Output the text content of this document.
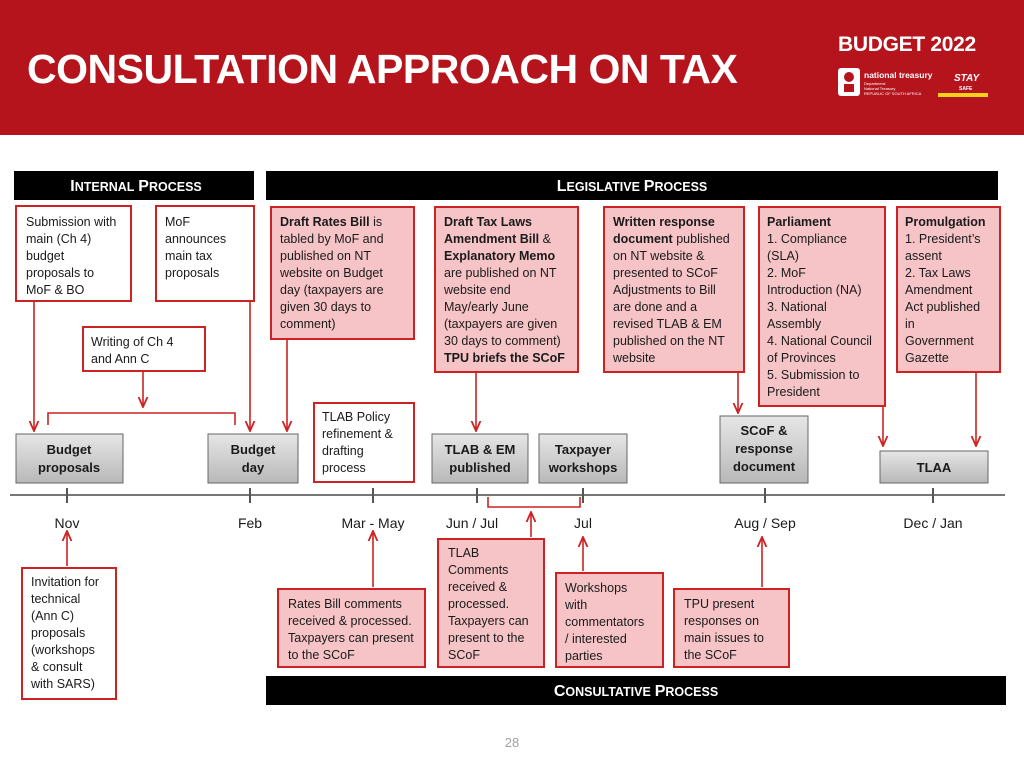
CONSULTATION APPROACH ON TAX
BUDGET 2022
national treasury
Department:
National Treasury
REPUBLIC OF SOUTH AFRICA
STAY
SAFE
INTERNAL PROCESS	LEGISLATIVE PROCESS
CONSULTATIVE PROCESS
Submission with
main (Ch 4)
budget
proposals to
MoF & BO
MoF
announces
main tax
proposals
Writing of Ch 4
and Ann C
TLAB Policy
refinement &
drafting
process
Draft Rates Bill is
tabled by MoF and
published on NT
website on Budget
day (taxpayers are
given 30 days to
comment)
Draft Tax Laws
Amendment Bill &
Explanatory Memo
are published on NT
website end
May/early June
(taxpayers are given
30 days to comment)
TPU briefs the SCoF
Written response
document published
on NT website &
presented to SCoF
Adjustments to Bill
are done and a
revised TLAB & EM
published on the NT
website
Parliament
1. Compliance
(SLA)
2. MoF
Introduction (NA)
3. National
Assembly
4. National Council
of Provinces
5. Submission to
President
Promulgation
1. President’s
assent
2. Tax Laws
Amendment
Act published
in
Government
Gazette
Budget
proposals
Budget
day
TLAB & EM
published
Taxpayer
workshops
SCoF &
response
document	TLAA
Nov	Feb	Mar - May	Jun / Jul	Jul	Aug / Sep	Dec / Jan
Invitation for
technical
(Ann C)
proposals
(workshops
& consult
with SARS)
Rates Bill comments
received & processed.
Taxpayers can present
to the SCoF
TLAB
Comments
received &
processed.
Taxpayers can
present to the
SCoF
Workshops
with
commentators
/ interested
parties
TPU present
responses on
main issues to
the SCoF
28
